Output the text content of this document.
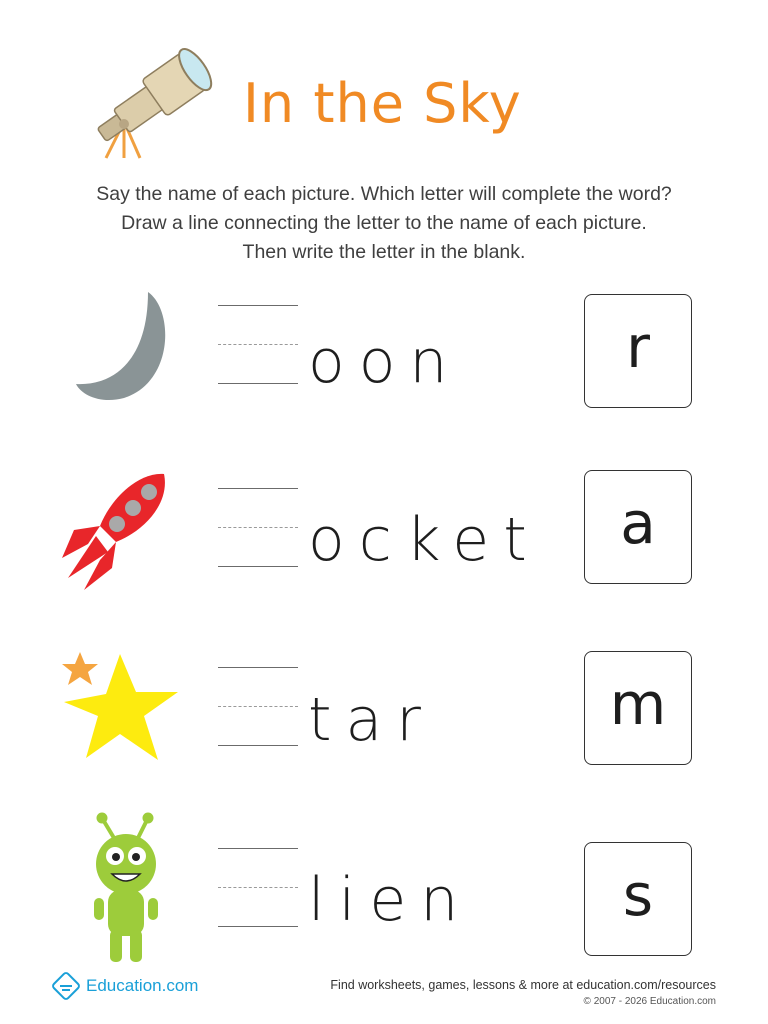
In the Sky
Say the name of each picture. Which letter will complete the word?
Draw a line connecting the letter to the name of each picture.
Then write the letter in the blank.
oon	r
ocket	a
tar	m
lien	s
Education.com	Find worksheets, games, lessons & more at education.com/resources
© 2007 - 2026 Education.com
